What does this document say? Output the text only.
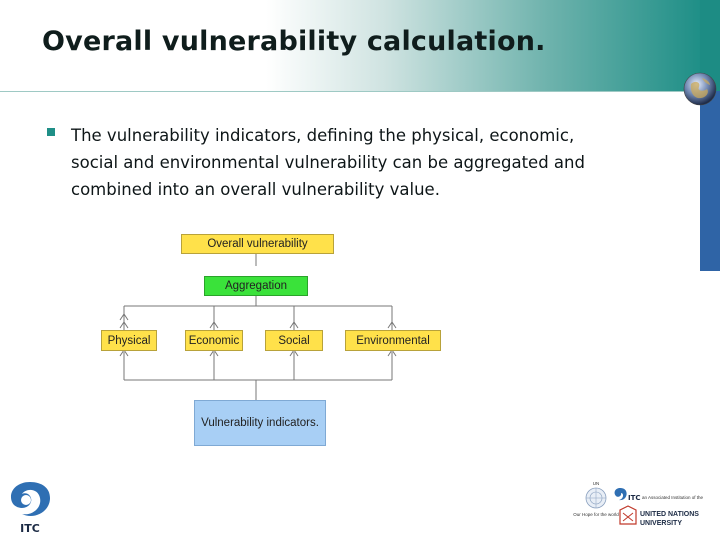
Overall vulnerability calculation.
The vulnerability indicators, defining the physical, economic,
social and environmental vulnerability can be aggregated and
combined into an overall vulnerability value.
Overall vulnerability
Aggregation
Physical	Economic	Social	Environmental
Vulnerability indicators.
ITC
UN
Our Hope for the world
ITC an Associated Institution of the
UNITED NATIONS
UNIVERSITY
